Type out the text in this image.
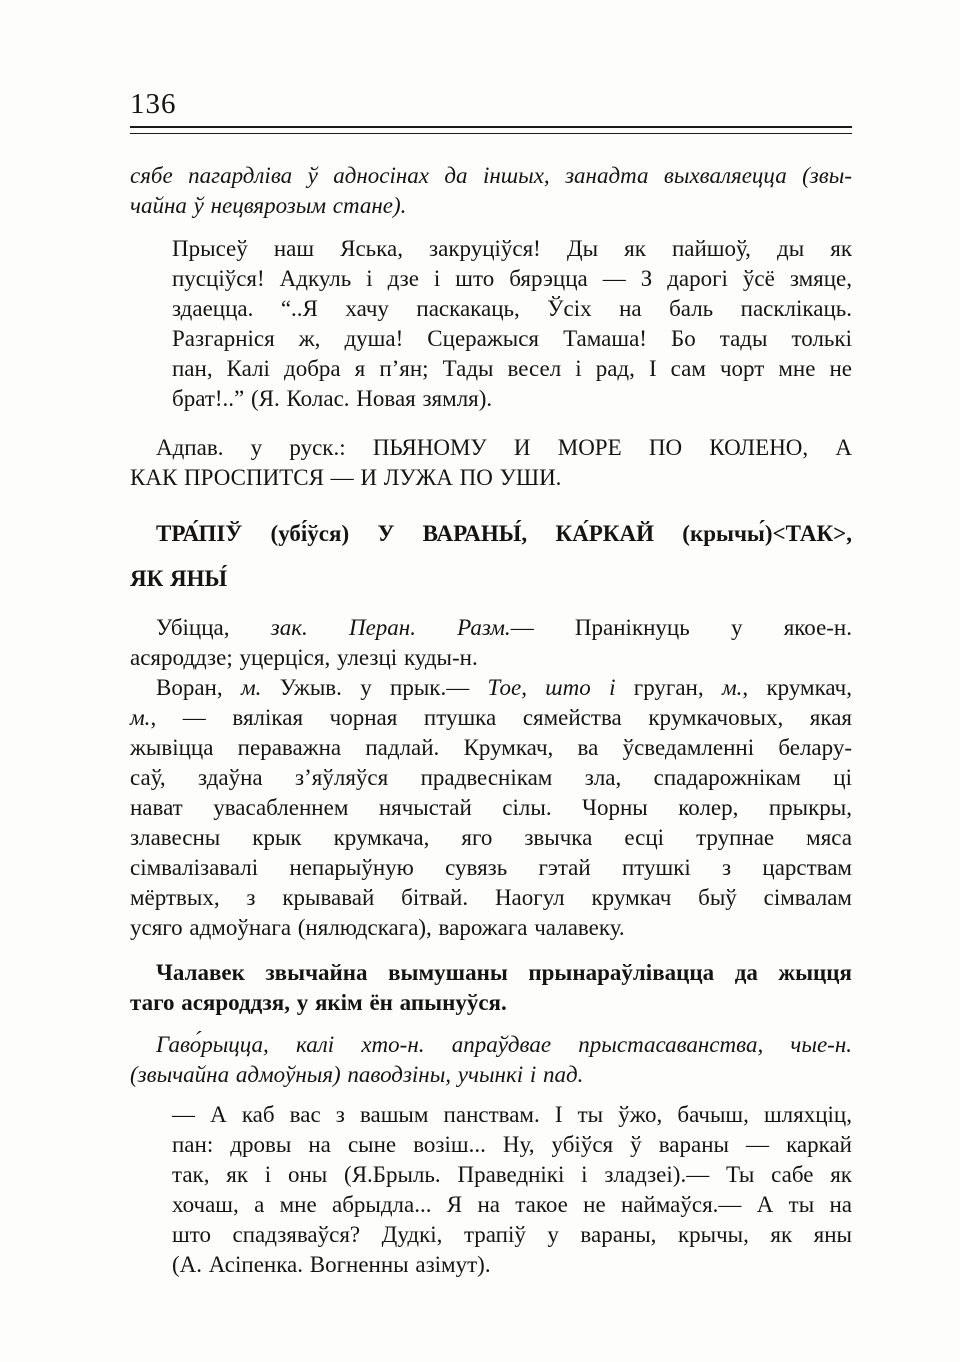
136
сябе пагардліва ў адносінах да іншых, занадта выхваляецца (звы-
чайна ў нецвярозым стане).
Прысеў наш Яська, закруціўся! Ды як пайшоў, ды як
пусціўся! Адкуль і дзе і што бярэцца — З дарогі ўсё змяце,
здаецца. “..Я хачу паскакаць, Ўсіх на баль пасклікаць.
Разгарніся ж, душа! Сцеражыся Тамаша! Бо тады толькі
пан, Калі добра я п’ян; Тады весел і рад, І сам чорт мне не
брат!..” (Я. Колас. Новая зямля).
Адпав. у руск.: ПЬЯНОМУ И МОРЕ ПО КОЛЕНО, А
КАК ПРОСПИТСЯ — И ЛУЖА ПО УШИ.
ТРА́ПІЎ (убі́ўся) У ВАРАНЫ́, КА́РКАЙ (крычы́)<ТАК>,
ЯК ЯНЫ́
Убіцца, зак. Перан. Разм.— Пранікнуць у якое-н.
асяроддзе; уцерціся, улезці куды-н.
Воран, м. Ужыв. у прык.— Тое, што і груган, м., крумкач,
м., — вялікая чорная птушка сямейства крумкачовых, якая
жывіцца пераважна падлай. Крумкач, ва ўсведамленні белару-
саў, здаўна з’яўляўся прадвеснікам зла, спадарожнікам ці
нават увасабленнем нячыстай сілы. Чорны колер, прыкры,
злавесны крык крумкача, яго звычка есці трупнае мяса
сімвалізавалі непарыўную сувязь гэтай птушкі з царствам
мёртвых, з крывавай бітвай. Наогул крумкач быў сімвалам
усяго адмоўнага (нялюдскага), варожага чалавеку.
Чалавек звычайна вымушаны прынараўлівацца да жыцця
таго асяроддзя, у якім ён апынуўся.
Гаво́рыцца, калі хто-н. апраўдвае прыстасаванства, чые-н.
(звычайна адмоўныя) паводзіны, учынкі і пад.
— А каб вас з вашым панствам. І ты ўжо, бачыш, шляхціц,
пан: дровы на сыне возіш... Ну, убіўся ў вараны — каркай
так, як і оны (Я.Брыль. Праведнікі і зладзеі).— Ты сабе як
хочаш, а мне абрыдла... Я на такое не наймаўся.— А ты на
што спадзяваўся? Дудкі, трапіў у вараны, крычы, як яны
(А. Асіпенка. Вогненны азімут).
